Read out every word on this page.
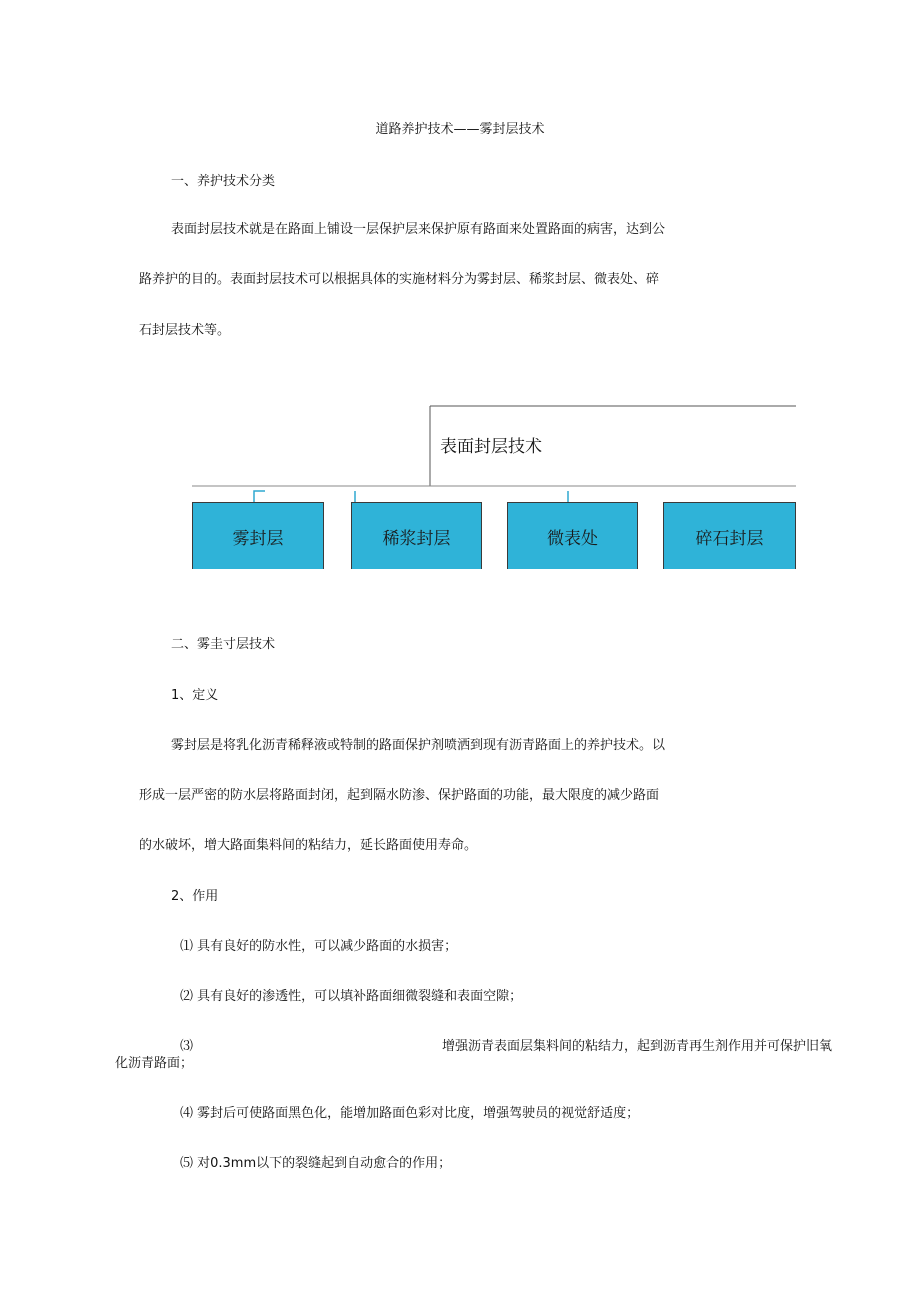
道路养护技术——雾封层技术
一、养护技术分类
表面封层技术就是在路面上铺设一层保护层来保护原有路面来处置路面的病害，达到公
路养护的目的。表面封层技术可以根据具体的实施材料分为雾封层、稀浆封层、微表处、碎
石封层技术等。
表面封层技术
雾封层	稀浆封层	微表处	碎石封层
二、雾圭寸层技术
1、定义
雾封层是将乳化沥青稀释液或特制的路面保护剂喷洒到现有沥青路面上的养护技术。以
形成一层严密的防水层将路面封闭，起到隔水防渗、保护路面的功能，最大限度的减少路面
的水破坏，增大路面集料间的粘结力，延长路面使用寿命。
2、作用
⑴ 具有良好的防水性，可以减少路面的水损害；
⑵ 具有良好的渗透性，可以填补路面细微裂缝和表面空隙；
⑶	增强沥青表面层集料间的粘结力，起到沥青再生剂作用并可保护旧氧
化沥青路面；
⑷ 雾封后可使路面黑色化，能增加路面色彩对比度，增强驾驶员的视觉舒适度；
⑸ 对0.3mm以下的裂缝起到自动愈合的作用；
